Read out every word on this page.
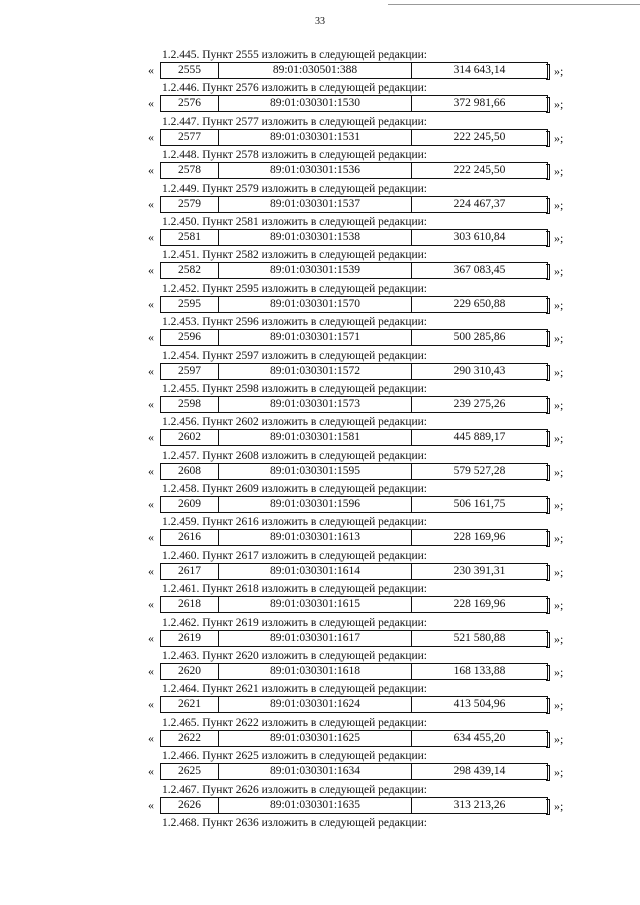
33
1.2.445. Пункт 2555 изложить в следующей редакции:
«	2555	89:01:030501:388	314 643,14	»;
1.2.446. Пункт 2576 изложить в следующей редакции:
«	2576	89:01:030301:1530	372 981,66	»;
1.2.447. Пункт 2577 изложить в следующей редакции:
«	2577	89:01:030301:1531	222 245,50	»;
1.2.448. Пункт 2578 изложить в следующей редакции:
«	2578	89:01:030301:1536	222 245,50	»;
1.2.449. Пункт 2579 изложить в следующей редакции:
«	2579	89:01:030301:1537	224 467,37	»;
1.2.450. Пункт 2581 изложить в следующей редакции:
«	2581	89:01:030301:1538	303 610,84	»;
1.2.451. Пункт 2582 изложить в следующей редакции:
«	2582	89:01:030301:1539	367 083,45	»;
1.2.452. Пункт 2595 изложить в следующей редакции:
«	2595	89:01:030301:1570	229 650,88	»;
1.2.453. Пункт 2596 изложить в следующей редакции:
«	2596	89:01:030301:1571	500 285,86	»;
1.2.454. Пункт 2597 изложить в следующей редакции:
«	2597	89:01:030301:1572	290 310,43	»;
1.2.455. Пункт 2598 изложить в следующей редакции:
«	2598	89:01:030301:1573	239 275,26	»;
1.2.456. Пункт 2602 изложить в следующей редакции:
«	2602	89:01:030301:1581	445 889,17	»;
1.2.457. Пункт 2608 изложить в следующей редакции:
«	2608	89:01:030301:1595	579 527,28	»;
1.2.458. Пункт 2609 изложить в следующей редакции:
«	2609	89:01:030301:1596	506 161,75	»;
1.2.459. Пункт 2616 изложить в следующей редакции:
«	2616	89:01:030301:1613	228 169,96	»;
1.2.460. Пункт 2617 изложить в следующей редакции:
«	2617	89:01:030301:1614	230 391,31	»;
1.2.461. Пункт 2618 изложить в следующей редакции:
«	2618	89:01:030301:1615	228 169,96	»;
1.2.462. Пункт 2619 изложить в следующей редакции:
«	2619	89:01:030301:1617	521 580,88	»;
1.2.463. Пункт 2620 изложить в следующей редакции:
«	2620	89:01:030301:1618	168 133,88	»;
1.2.464. Пункт 2621 изложить в следующей редакции:
«	2621	89:01:030301:1624	413 504,96	»;
1.2.465. Пункт 2622 изложить в следующей редакции:
«	2622	89:01:030301:1625	634 455,20	»;
1.2.466. Пункт 2625 изложить в следующей редакции:
«	2625	89:01:030301:1634	298 439,14	»;
1.2.467. Пункт 2626 изложить в следующей редакции:
«	2626	89:01:030301:1635	313 213,26	»;
1.2.468. Пункт 2636 изложить в следующей редакции:
